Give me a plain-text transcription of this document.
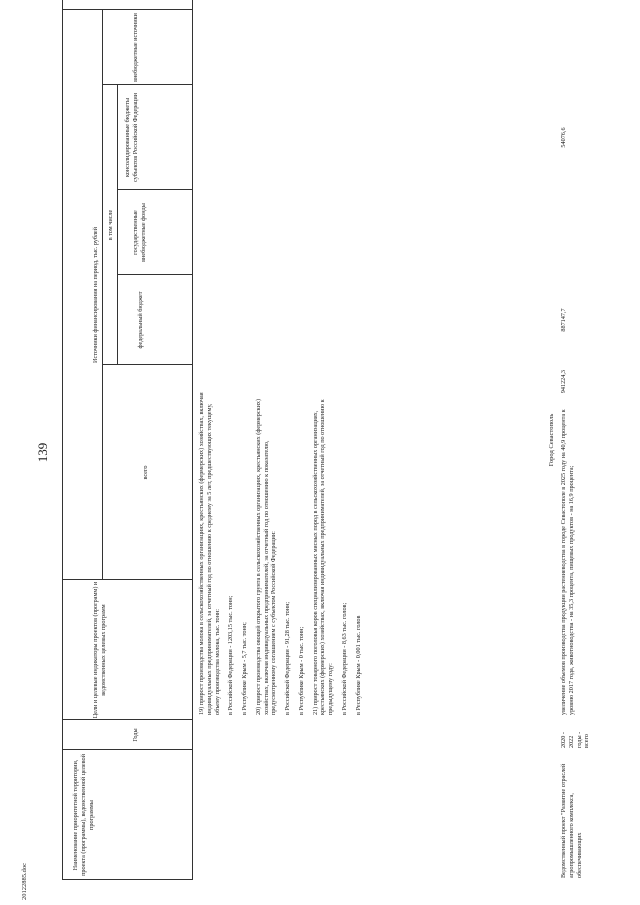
139
Наименование приоритетной территории, проекта (программы), ведомственной целевой программы
Годы
Цели и целевые индикаторы проектов (программ) и ведомственных целевых программ
Источники финансирования на период, тыс. рублей
всего
в том числе
федеральный бюджет
государственные внебюджетные фонды
консолидированные бюджеты субъектов Российской Федерации
внебюджетные источники

19) прирост производства молока в сельскохозяйственных организациях, крестьянских (фермерских) хозяйствах, включая индивидуальных предпринимателей, за отчетный год по отношению к среднему за 5 лет, предшествующих текущему, объему производства молока, тыс. тонн: в Российской Федерации - 1203,15 тыс. тонн; в Республике Крым - 5,7 тыс. тонн; 20) прирост производства овощей открытого грунта в сельскохозяйственных организациях, крестьянских (фермерских) хозяйствах, включая индивидуальных предпринимателей, за отчетный год по отношению к показателю, предусмотренному соглашением с субъектом Российской Федерации: в Российской Федерации - 91,28 тыс. тонн; в Республике Крым - 0 тыс. тонн; 21) прирост товарного поголовья коров специализированных мясных пород в сельскохозяйственных организациях, крестьянских (фермерских) хозяйствах, включая индивидуальных предпринимателей, за отчетный год по отношению к предыдущему году: в Российской Федерации - 8,63 тыс. голов; в Республике Крым - 0,001 тыс. голов

Город Севастополь
Ведомственный проект "Развитие отраслей агропромышленного комплекса, обеспечивающих
2020 - 2022 годы - всего
увеличение объемов производства продукции растениеводства в городе Севастополе в 2025 году на 40,9 процента к уровню 2017 года, животноводства - на 35,3 процента, пищевых продуктов - на 16,9 процента;
941224,3
887147,7
54076,6
20122885.doc
